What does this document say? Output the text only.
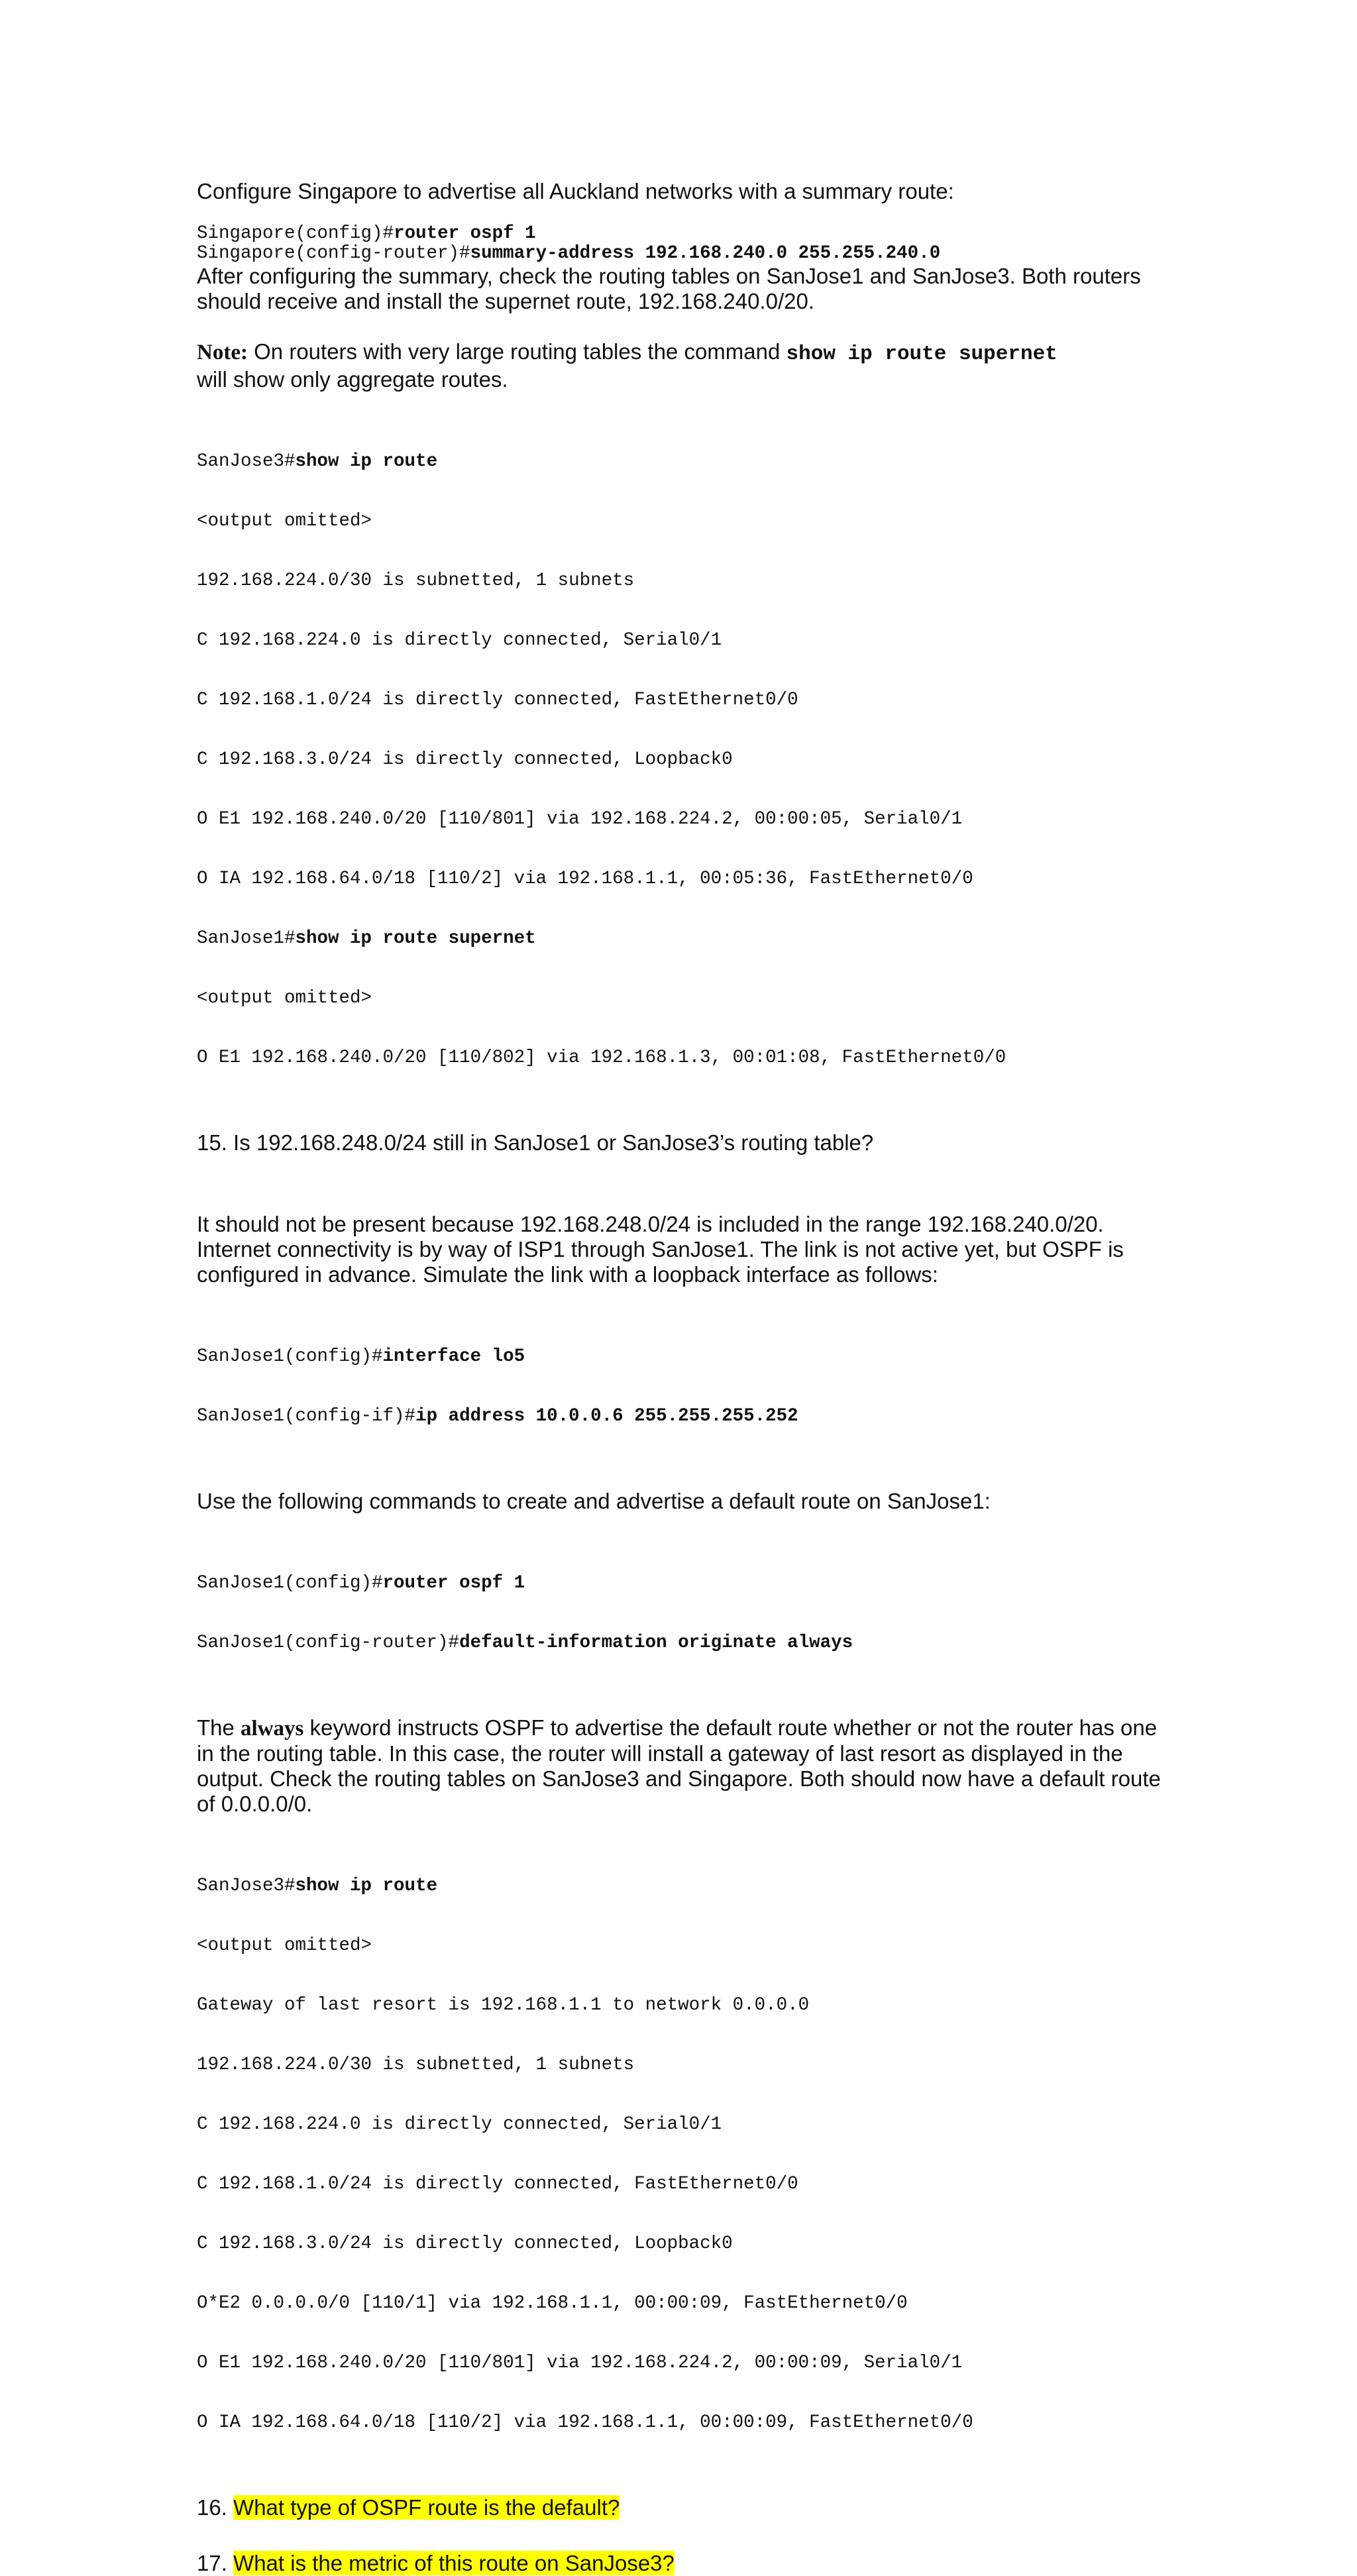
Configure Singapore to advertise all Auckland networks with a summary route:

Singapore(config)#router ospf 1
Singapore(config-router)#summary-address 192.168.240.0 255.255.240.0

After configuring the summary, check the routing tables on SanJose1 and SanJose3. Both routers should receive and install the supernet route, 192.168.240.0/20.

Note: On routers with very large routing tables the command show ip route supernet
will show only aggregate routes.

SanJose3#show ip route

<output omitted>

192.168.224.0/30 is subnetted, 1 subnets

C 192.168.224.0 is directly connected, Serial0/1

C 192.168.1.0/24 is directly connected, FastEthernet0/0

C 192.168.3.0/24 is directly connected, Loopback0

O E1 192.168.240.0/20 [110/801] via 192.168.224.2, 00:00:05, Serial0/1

O IA 192.168.64.0/18 [110/2] via 192.168.1.1, 00:05:36, FastEthernet0/0

SanJose1#show ip route supernet

<output omitted>

O E1 192.168.240.0/20 [110/802] via 192.168.1.3, 00:01:08, FastEthernet0/0

15. Is 192.168.248.0/24 still in SanJose1 or SanJose3’s routing table?

It should not be present because 192.168.248.0/24 is included in the range 192.168.240.0/20. Internet connectivity is by way of ISP1 through SanJose1. The link is not active yet, but OSPF is configured in advance. Simulate the link with a loopback interface as follows:

SanJose1(config)#interface lo5

SanJose1(config-if)#ip address 10.0.0.6 255.255.255.252

Use the following commands to create and advertise a default route on SanJose1:

SanJose1(config)#router ospf 1

SanJose1(config-router)#default-information originate always

The always keyword instructs OSPF to advertise the default route whether or not the router has one in the routing table. In this case, the router will install a gateway of last resort as displayed in the output. Check the routing tables on SanJose3 and Singapore. Both should now have a default route of 0.0.0.0/0.

SanJose3#show ip route

<output omitted>

Gateway of last resort is 192.168.1.1 to network 0.0.0.0

192.168.224.0/30 is subnetted, 1 subnets

C 192.168.224.0 is directly connected, Serial0/1

C 192.168.1.0/24 is directly connected, FastEthernet0/0

C 192.168.3.0/24 is directly connected, Loopback0

O*E2 0.0.0.0/0 [110/1] via 192.168.1.1, 00:00:09, FastEthernet0/0

O E1 192.168.240.0/20 [110/801] via 192.168.224.2, 00:00:09, Serial0/1

O IA 192.168.64.0/18 [110/2] via 192.168.1.1, 00:00:09, FastEthernet0/0

16. What type of OSPF route is the default?

17. What is the metric of this route on SanJose3?
